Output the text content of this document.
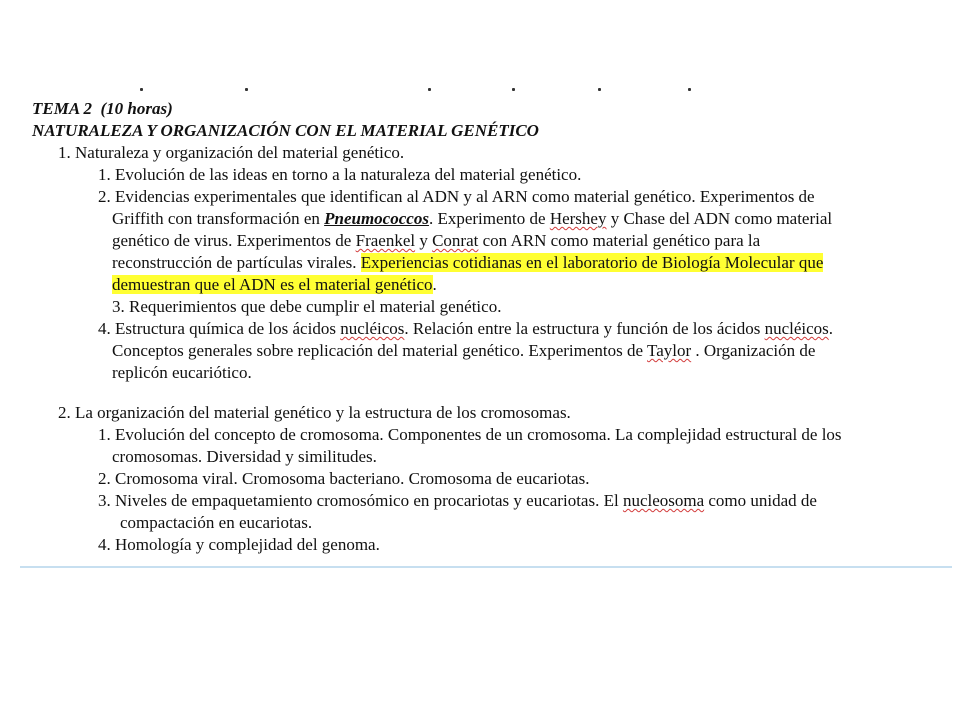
TEMA 2 (10 horas)
NATURALEZA Y ORGANIZACIÓN CON EL MATERIAL GENÉTICO
1. Naturaleza y organización del material genético.
1. Evolución de las ideas en torno a la naturaleza del material genético.
2. Evidencias experimentales que identifican al ADN y al ARN como material genético. Experimentos de
Griffith con transformación en Pneumococcos. Experimento de Hershey y Chase del ADN como material
genético de virus. Experimentos de Fraenkel y Conrat con ARN como material genético para la
reconstrucción de partículas virales. Experiencias cotidianas en el laboratorio de Biología Molecular que
demuestran que el ADN es el material genético.
3. Requerimientos que debe cumplir el material genético.
4. Estructura química de los ácidos nucléicos. Relación entre la estructura y función de los ácidos nucléicos.
Conceptos generales sobre replicación del material genético. Experimentos de Taylor . Organización de
replicón eucariótico.
2. La organización del material genético y la estructura de los cromosomas.
1. Evolución del concepto de cromosoma. Componentes de un cromosoma. La complejidad estructural de los
cromosomas. Diversidad y similitudes.
2. Cromosoma viral. Cromosoma bacteriano. Cromosoma de eucariotas.
3. Niveles de empaquetamiento cromosómico en procariotas y eucariotas. El nucleosoma como unidad de
compactación en eucariotas.
4. Homología y complejidad del genoma.
